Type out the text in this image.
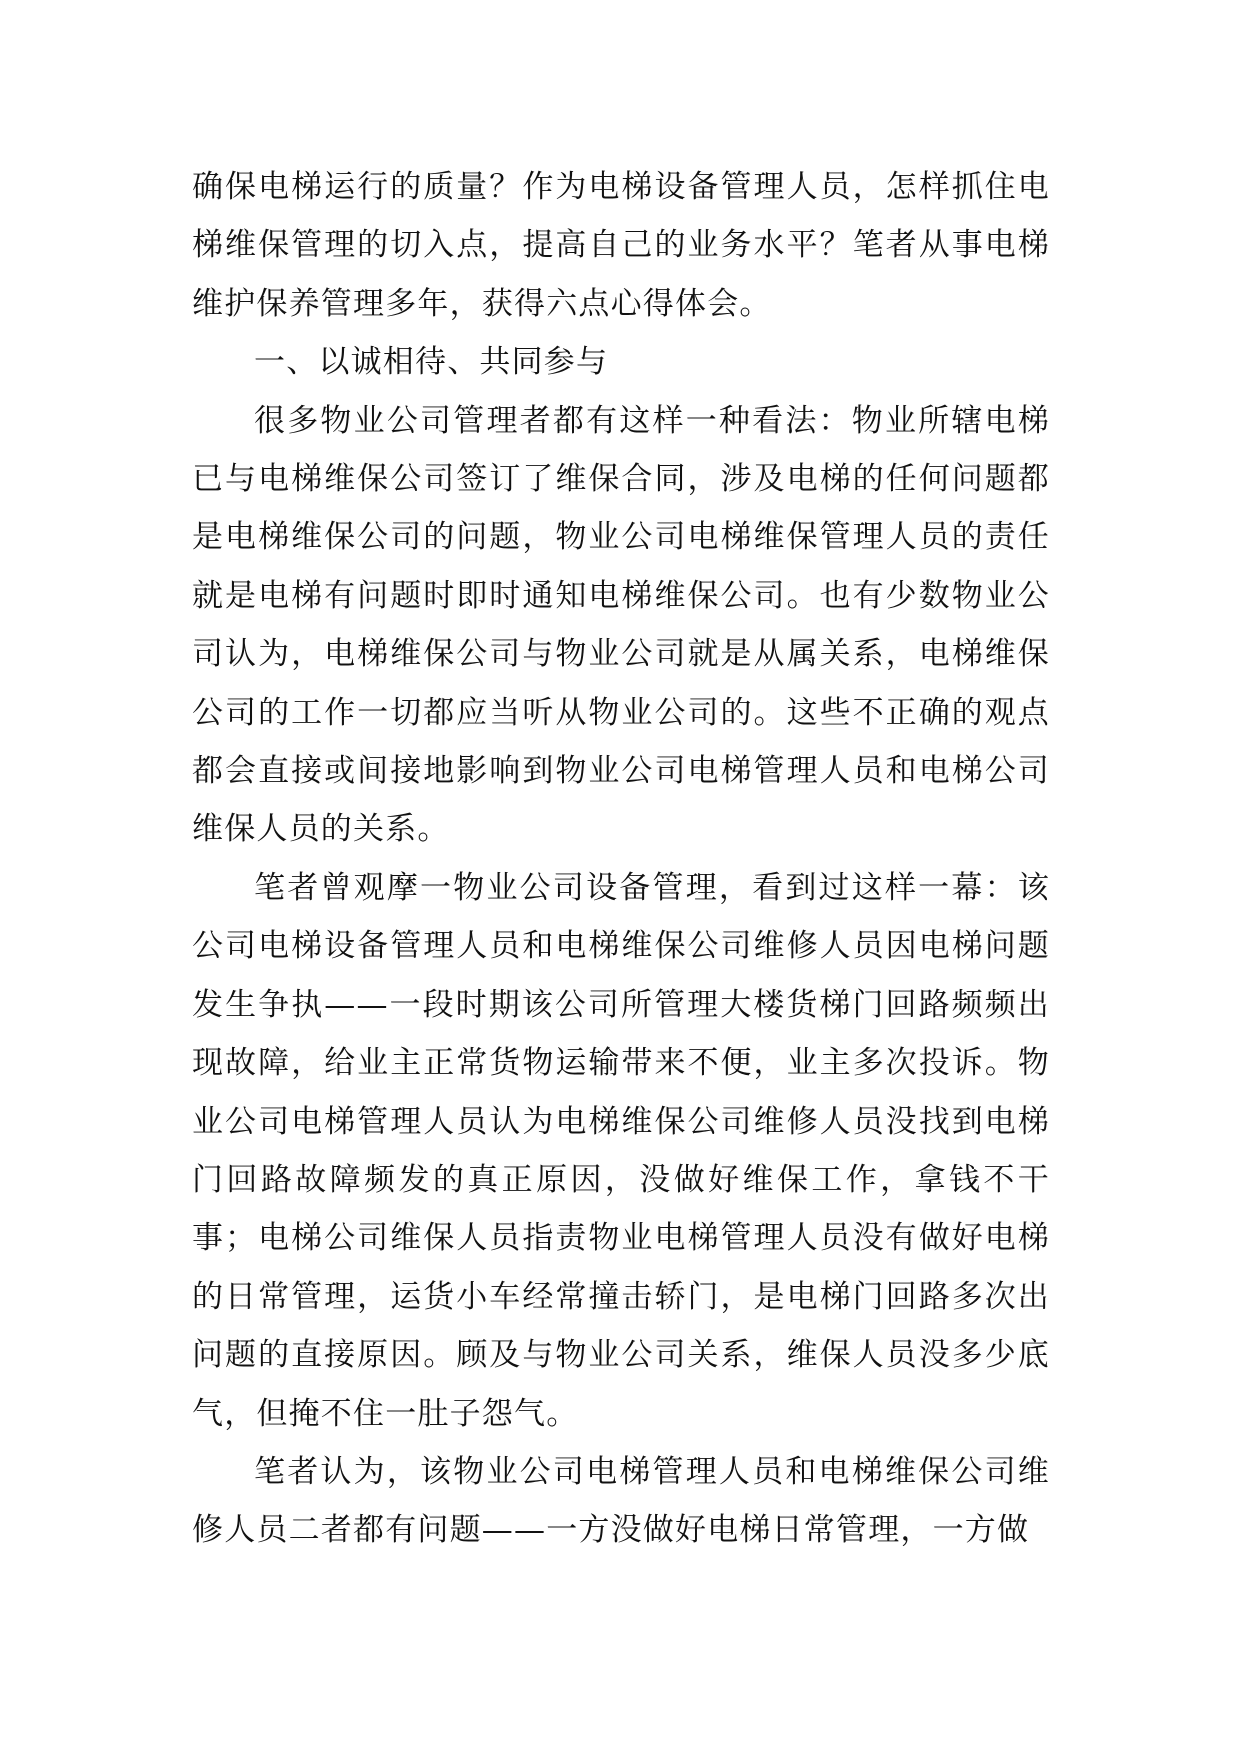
确保电梯运行的质量？作为电梯设备管理人员，怎样抓住电梯维保管理的切入点，提高自己的业务水平？笔者从事电梯维护保养管理多年，获得六点心得体会。

一、以诚相待、共同参与

很多物业公司管理者都有这样一种看法：物业所辖电梯已与电梯维保公司签订了维保合同，涉及电梯的任何问题都是电梯维保公司的问题，物业公司电梯维保管理人员的责任就是电梯有问题时即时通知电梯维保公司。也有少数物业公司认为，电梯维保公司与物业公司就是从属关系，电梯维保公司的工作一切都应当听从物业公司的。这些不正确的观点都会直接或间接地影响到物业公司电梯管理人员和电梯公司维保人员的关系。

笔者曾观摩一物业公司设备管理，看到过这样一幕：该公司电梯设备管理人员和电梯维保公司维修人员因电梯问题发生争执——一段时期该公司所管理大楼货梯门回路频频出现故障，给业主正常货物运输带来不便，业主多次投诉。物业公司电梯管理人员认为电梯维保公司维修人员没找到电梯门回路故障频发的真正原因，没做好维保工作，拿钱不干事；电梯公司维保人员指责物业电梯管理人员没有做好电梯的日常管理，运货小车经常撞击轿门，是电梯门回路多次出问题的直接原因。顾及与物业公司关系，维保人员没多少底气，但掩不住一肚子怨气。

笔者认为，该物业公司电梯管理人员和电梯维保公司维修人员二者都有问题——一方没做好电梯日常管理，一方做
